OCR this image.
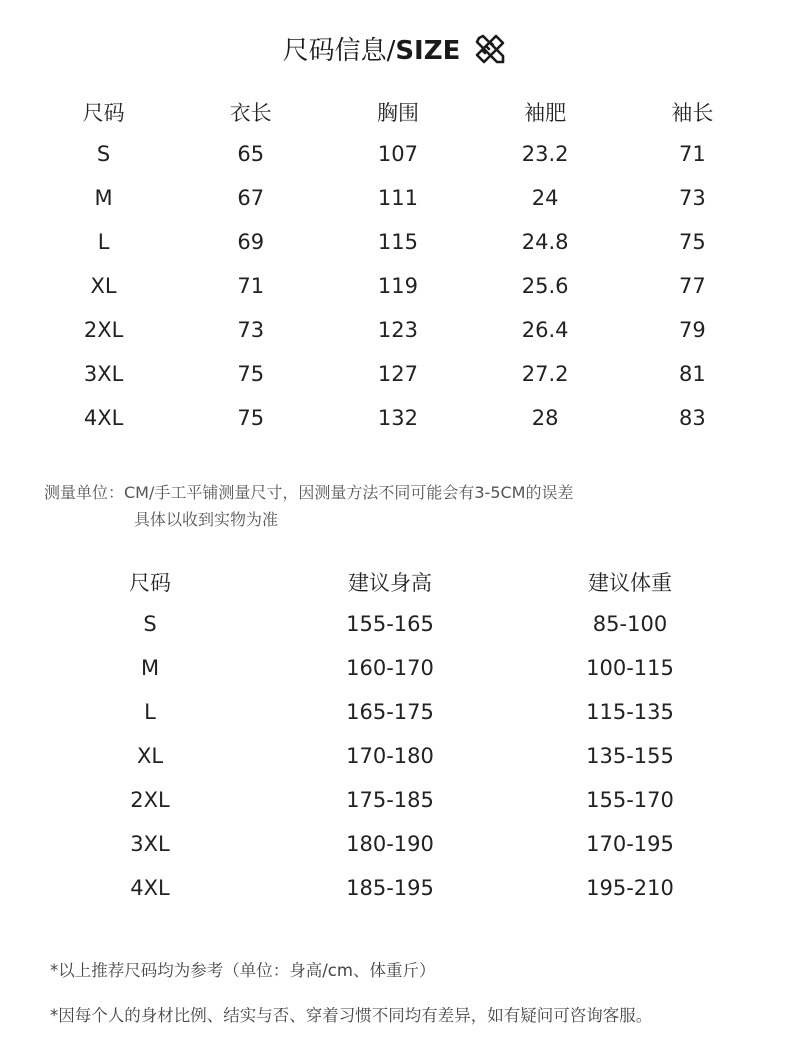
尺码信息/SIZE
尺码	衣长	胸围	袖肥	袖长
S	65	107	23.2	71
M	67	111	24	73
L	69	115	24.8	75
XL	71	119	25.6	77
2XL	73	123	26.4	79
3XL	75	127	27.2	81
4XL	75	132	28	83
测量单位：CM/手工平铺测量尺寸，因测量方法不同可能会有3-5CM的误差
具体以收到实物为准
尺码	建议身高	建议体重
S	155-165	85-100
M	160-170	100-115
L	165-175	115-135
XL	170-180	135-155
2XL	175-185	155-170
3XL	180-190	170-195
4XL	185-195	195-210
*以上推荐尺码均为参考（单位：身高/cm、体重斤）
*因每个人的身材比例、结实与否、穿着习惯不同均有差异，如有疑问可咨询客服。
